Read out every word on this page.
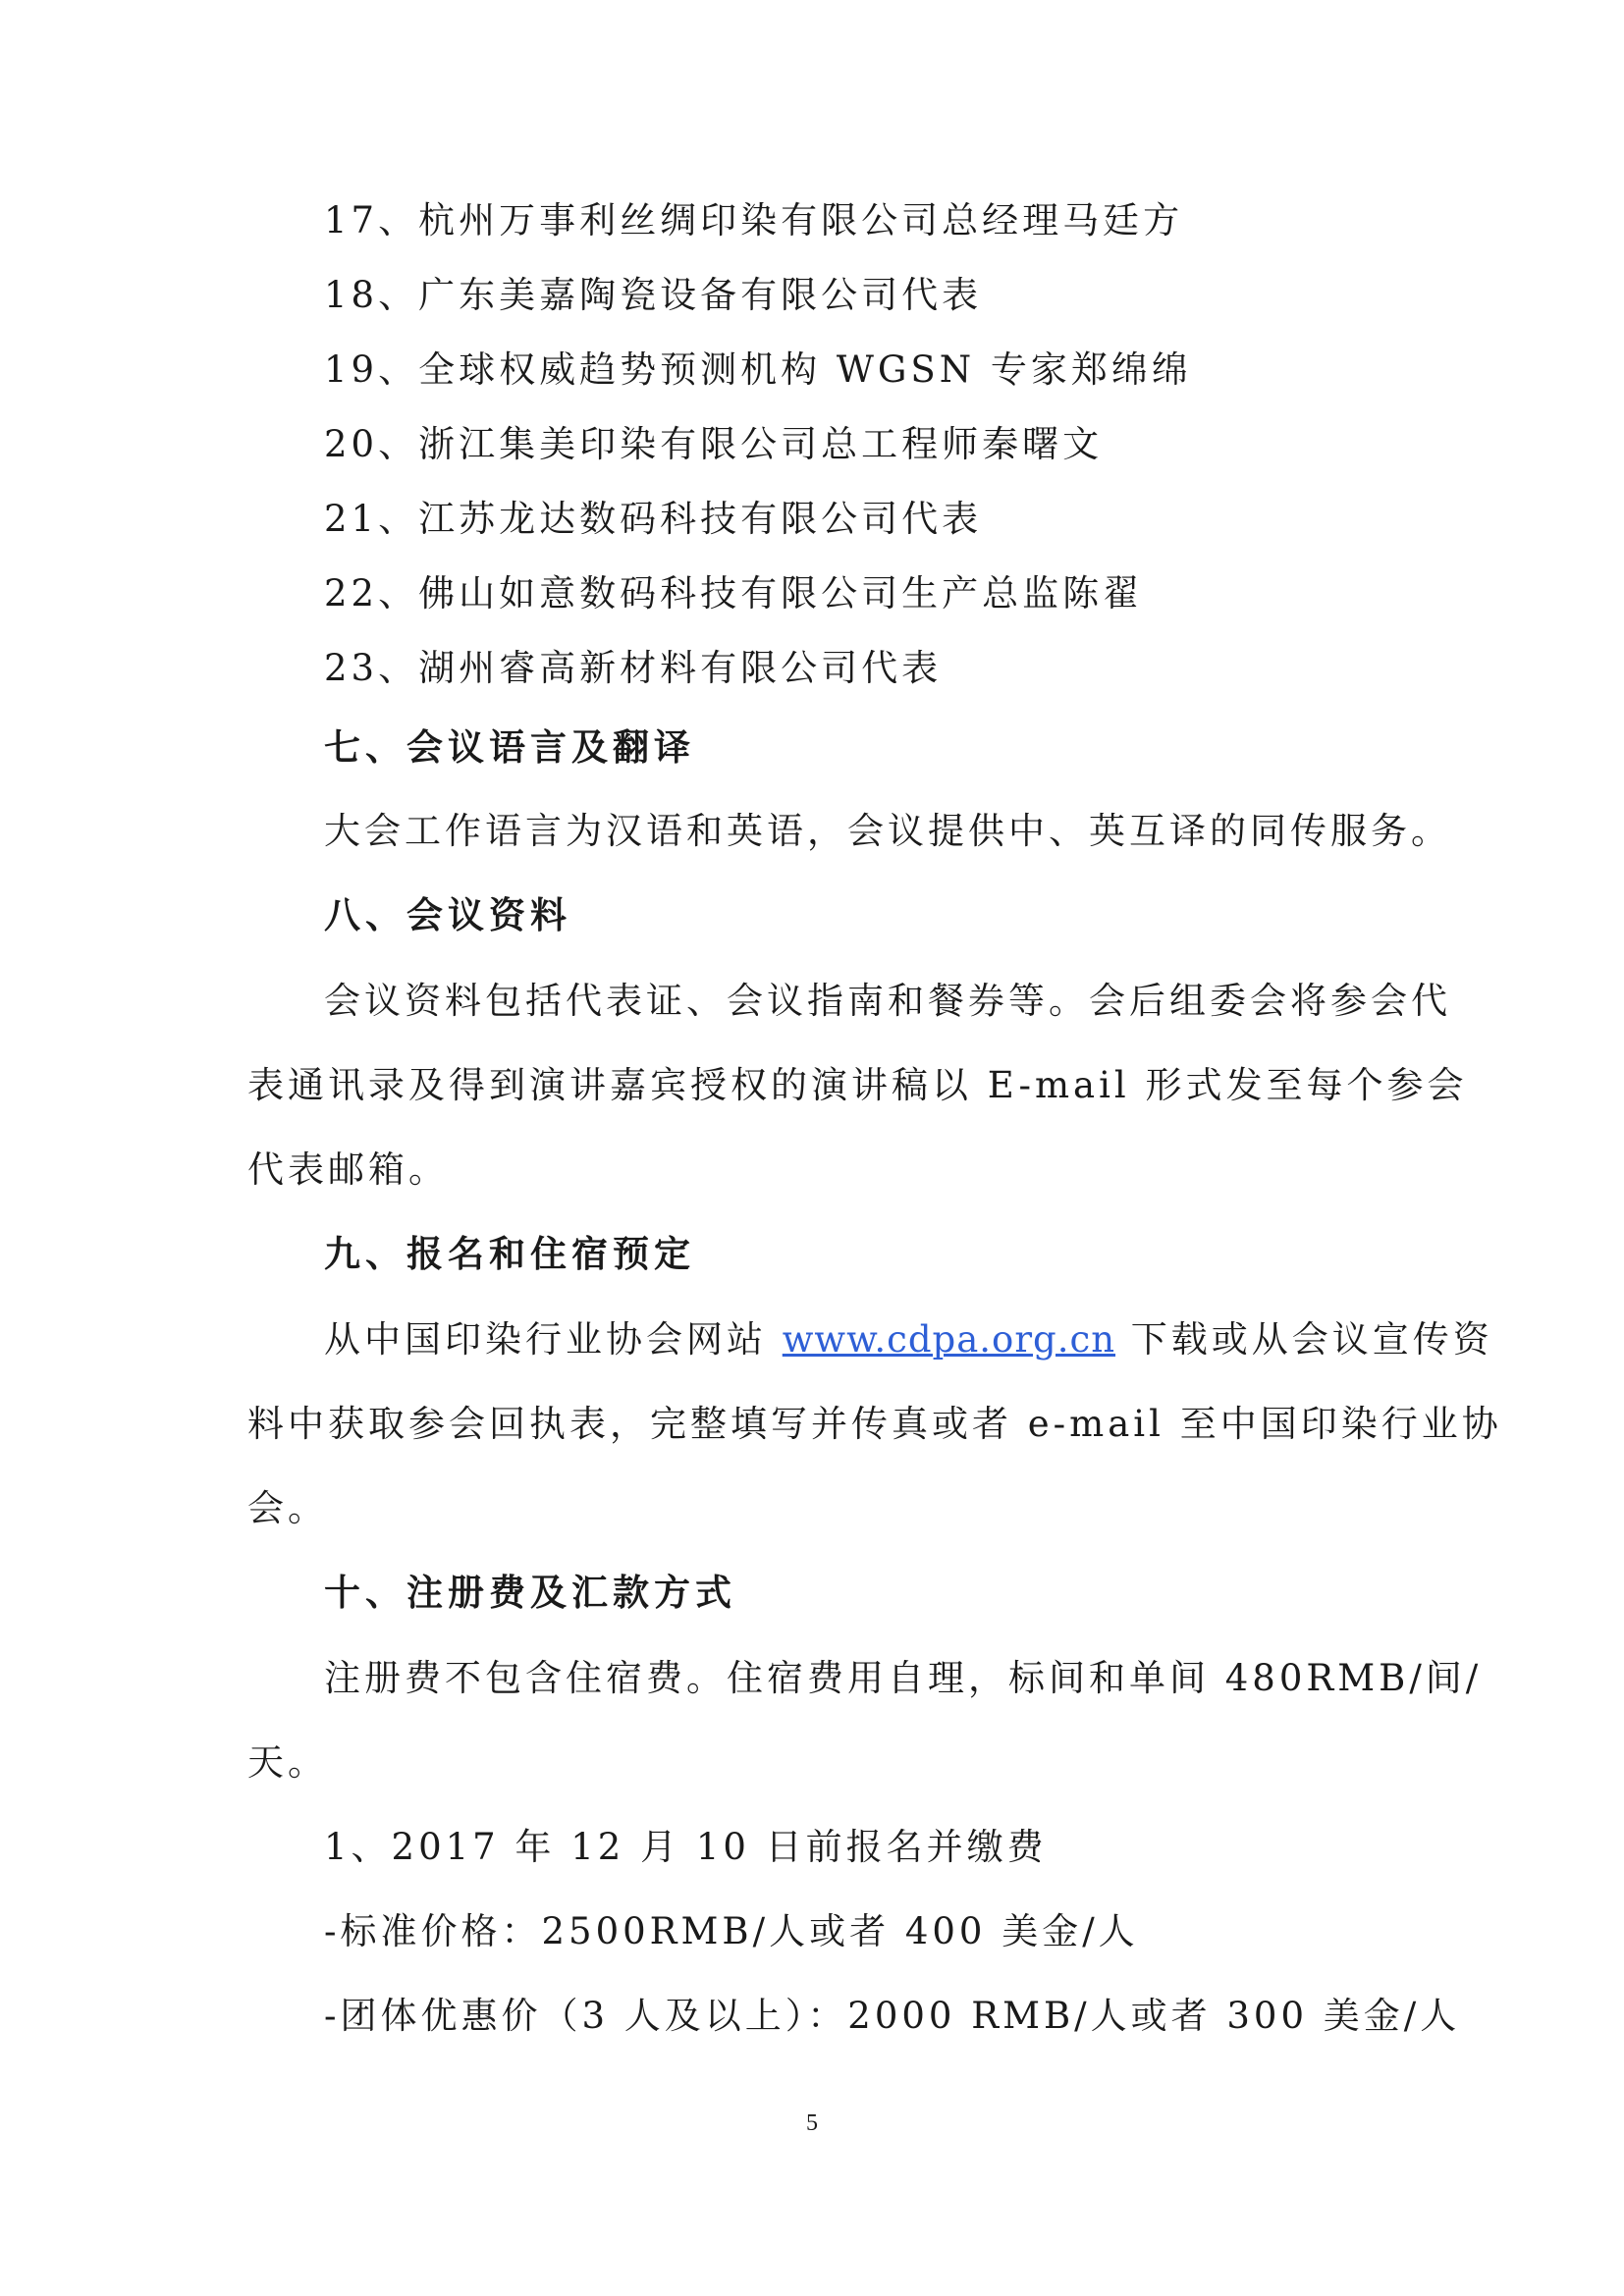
17、杭州万事利丝绸印染有限公司总经理马廷方
18、广东美嘉陶瓷设备有限公司代表
19、全球权威趋势预测机构 WGSN 专家郑绵绵
20、浙江集美印染有限公司总工程师秦曙文
21、江苏龙达数码科技有限公司代表
22、佛山如意数码科技有限公司生产总监陈翟
23、湖州睿高新材料有限公司代表
七、会议语言及翻译
大会工作语言为汉语和英语，会议提供中、英互译的同传服务。
八、会议资料
会议资料包括代表证、会议指南和餐券等。会后组委会将参会代
表通讯录及得到演讲嘉宾授权的演讲稿以 E-mail 形式发至每个参会
代表邮箱。
九、报名和住宿预定
从中国印染行业协会网站 www.cdpa.org.cn 下载或从会议宣传资
料中获取参会回执表，完整填写并传真或者 e-mail 至中国印染行业协
会。
十、注册费及汇款方式
注册费不包含住宿费。住宿费用自理，标间和单间 480RMB/间/
天。
1、2017 年 12 月 10 日前报名并缴费
-标准价格：2500RMB/人或者 400 美金/人
-团体优惠价（3 人及以上）：2000 RMB/人或者 300 美金/人
5
